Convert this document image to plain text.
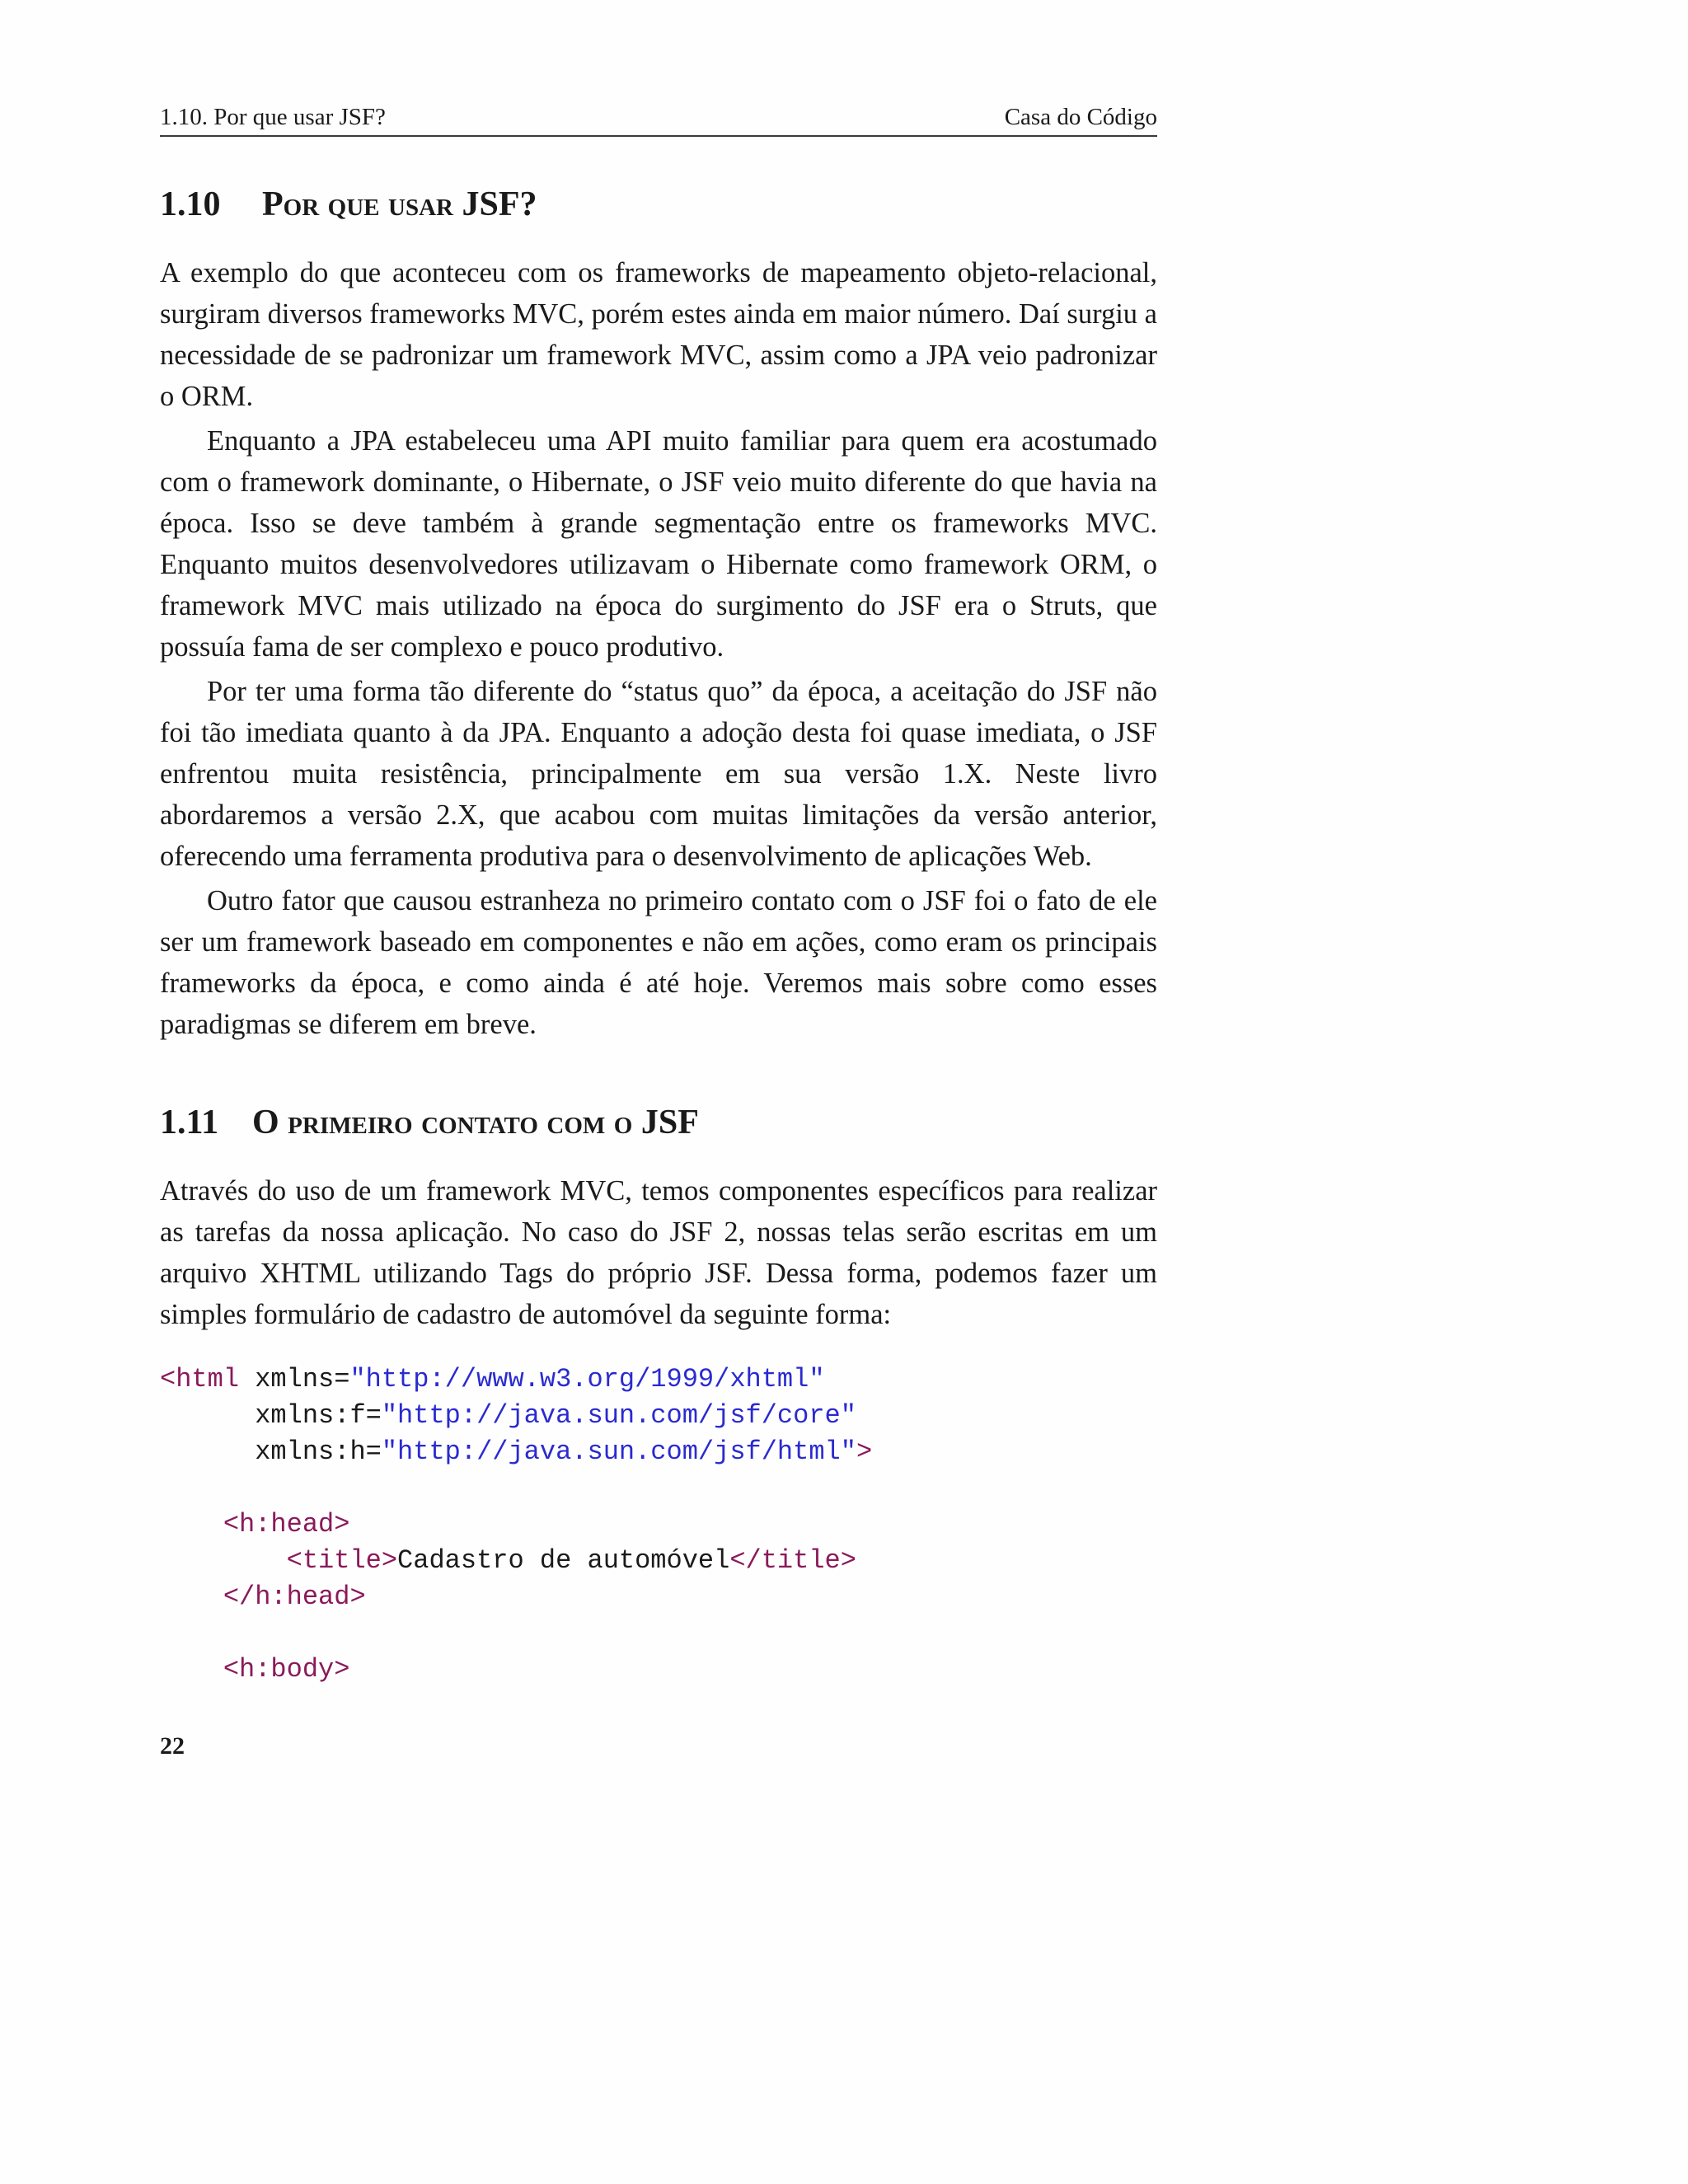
1.10. Por que usar JSF?	Casa do Código
1.10 Por que usar JSF?

A exemplo do que aconteceu com os frameworks de mapeamento objeto-relacional, surgiram diversos frameworks MVC, porém estes ainda em maior número. Daí surgiu a necessidade de se padronizar um framework MVC, assim como a JPA veio padronizar o ORM.

Enquanto a JPA estabeleceu uma API muito familiar para quem era acostumado com o framework dominante, o Hibernate, o JSF veio muito diferente do que havia na época. Isso se deve também à grande segmentação entre os frameworks MVC. Enquanto muitos desenvolvedores utilizavam o Hibernate como framework ORM, o framework MVC mais utilizado na época do surgimento do JSF era o Struts, que possuía fama de ser complexo e pouco produtivo.

Por ter uma forma tão diferente do “status quo” da época, a aceitação do JSF não foi tão imediata quanto à da JPA. Enquanto a adoção desta foi quase imediata, o JSF enfrentou muita resistência, principalmente em sua versão 1.X. Neste livro abordaremos a versão 2.X, que acabou com muitas limitações da versão anterior, oferecendo uma ferramenta produtiva para o desenvolvimento de aplicações Web.

Outro fator que causou estranheza no primeiro contato com o JSF foi o fato de ele ser um framework baseado em componentes e não em ações, como eram os principais frameworks da época, e como ainda é até hoje. Veremos mais sobre como esses paradigmas se diferem em breve.

1.11 O primeiro contato com o JSF

Através do uso de um framework MVC, temos componentes específicos para realizar as tarefas da nossa aplicação. No caso do JSF 2, nossas telas serão escritas em um arquivo XHTML utilizando Tags do próprio JSF. Dessa forma, podemos fazer um simples formulário de cadastro de automóvel da seguinte forma:

<html xmlns="http://www.w3.org/1999/xhtml"
xmlns:f="http://java.sun.com/jsf/core"
xmlns:h="http://java.sun.com/jsf/html">

<h:head>
<title>Cadastro de automóvel</title>
</h:head>

<h:body>
22
